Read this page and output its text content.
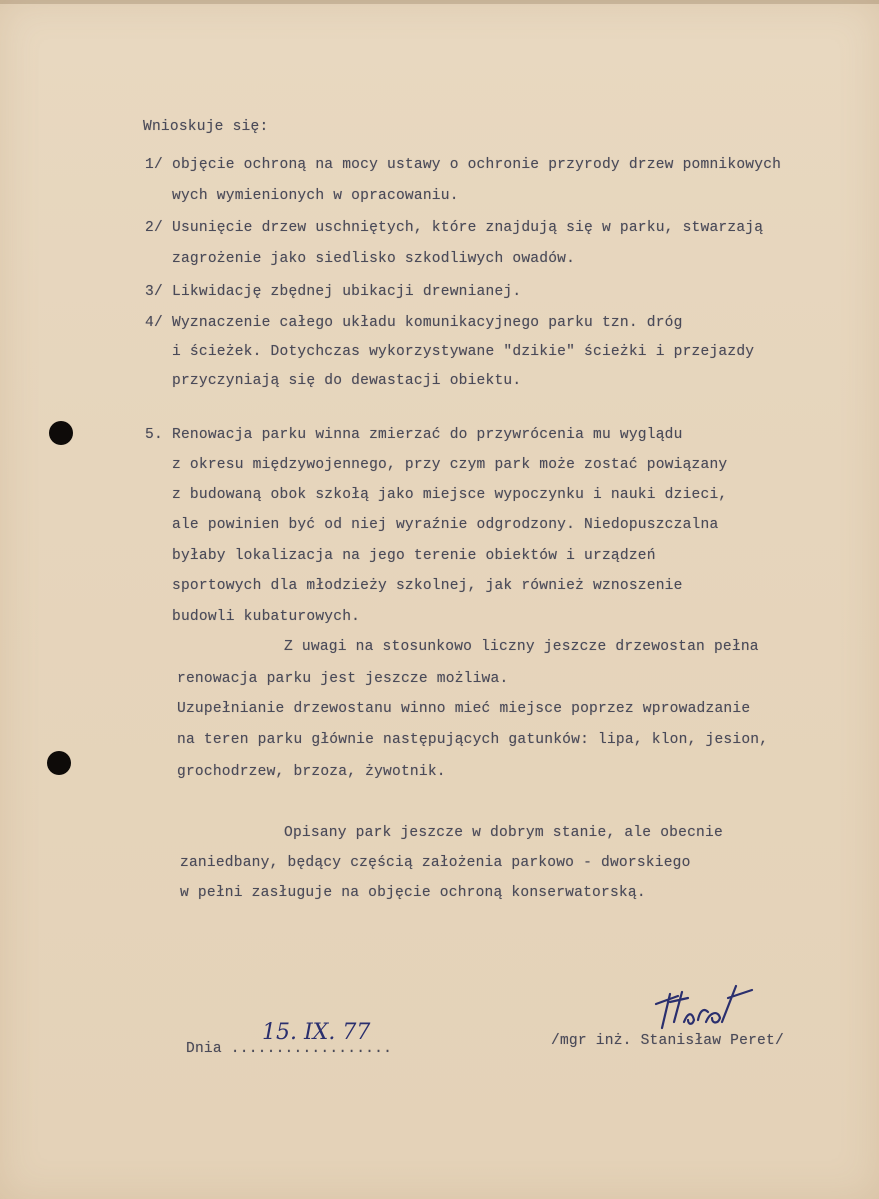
Wnioskuje się:
1/ objęcie ochroną na mocy ustawy o ochronie przyrody drzew pomnikowych
wych wymienionych w opracowaniu.
2/ Usunięcie drzew uschniętych, które znajdują się w parku, stwarzają
zagrożenie jako siedlisko szkodliwych owadów.
3/ Likwidację zbędnej ubikacji drewnianej.
4/ Wyznaczenie całego układu komunikacyjnego parku tzn. dróg
i ścieżek. Dotychczas wykorzystywane "dzikie" ścieżki i przejazdy
przyczyniają się do dewastacji obiektu.
5. Renowacja parku winna zmierzać do przywrócenia mu wyglądu
z okresu międzywojennego, przy czym park może zostać powiązany
z budowaną obok szkołą jako miejsce wypoczynku i nauki dzieci,
ale powinien być od niej wyraźnie odgrodzony. Niedopuszczalna
byłaby lokalizacja na jego terenie obiektów i urządzeń
sportowych dla młodzieży szkolnej, jak również wznoszenie
budowli kubaturowych.
Z uwagi na stosunkowo liczny jeszcze drzewostan pełna
renowacja parku jest jeszcze możliwa.
Uzupełnianie drzewostanu winno mieć miejsce poprzez wprowadzanie
na teren parku głównie następujących gatunków: lipa, klon, jesion,
grochodrzew, brzoza, żywotnik.
Opisany park jeszcze w dobrym stanie, ale obecnie
zaniedbany, będący częścią założenia parkowo - dworskiego
w pełni zasługuje na objęcie ochroną konserwatorską.
Dnia ..................
15. IX. 77	/mgr inż. Stanisław Peret/
